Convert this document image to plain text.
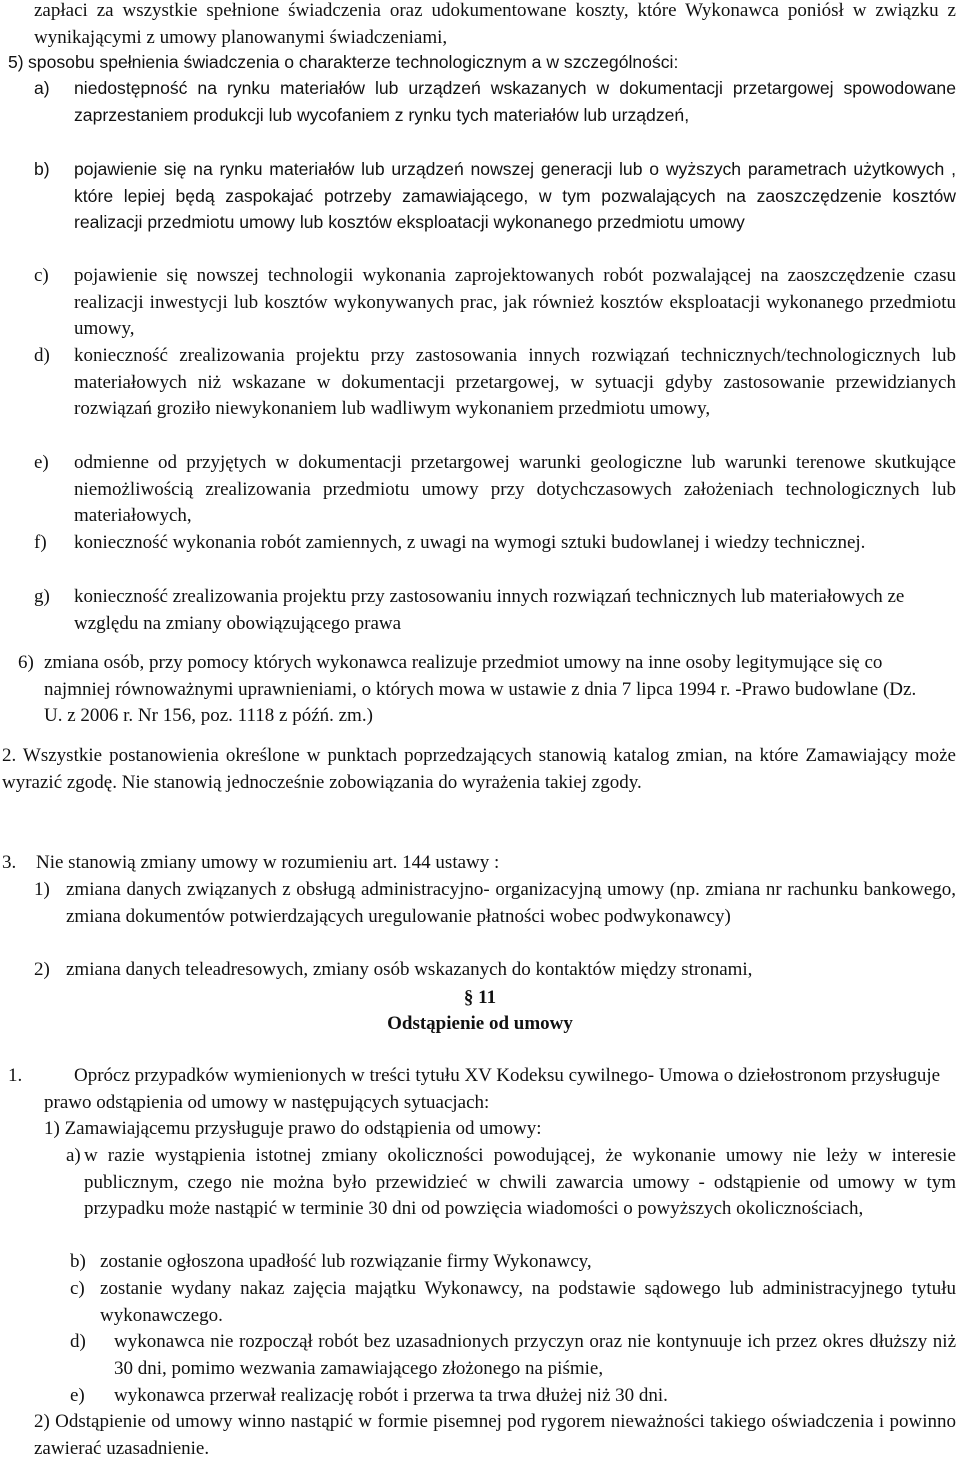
zapłaci za wszystkie spełnione świadczenia oraz udokumentowane koszty, które Wykonawca poniósł w związku z wynikającymi z umowy planowanymi świadczeniami,

5) sposobu spełnienia świadczenia o charakterze technologicznym a w szczególności:
a)	niedostępność na rynku materiałów lub urządzeń wskazanych w dokumentacji przetargowej spowodowane zaprzestaniem produkcji lub wycofaniem z rynku tych materiałów lub urządzeń,
b)	pojawienie się na rynku materiałów lub urządzeń nowszej generacji lub o wyższych parametrach użytkowych , które lepiej będą zaspokajać potrzeby zamawiającego, w tym pozwalających na zaoszczędzenie kosztów realizacji przedmiotu umowy lub kosztów eksploatacji wykonanego przedmiotu umowy
c)	pojawienie się nowszej technologii wykonania zaprojektowanych robót pozwalającej na zaoszczędzenie czasu realizacji inwestycji lub kosztów wykonywanych prac, jak również kosztów eksploatacji wykonanego przedmiotu umowy,
d)	konieczność zrealizowania projektu przy zastosowania innych rozwiązań technicznych/technologicznych lub materiałowych niż wskazane w dokumentacji przetargowej, w sytuacji gdyby zastosowanie przewidzianych rozwiązań groziło niewykonaniem lub wadliwym wykonaniem przedmiotu umowy,
e)	odmienne od przyjętych w dokumentacji przetargowej warunki geologiczne lub warunki terenowe skutkujące niemożliwością zrealizowania przedmiotu umowy przy dotychczasowych założeniach technologicznych lub materiałowych,
f)	konieczność wykonania robót zamiennych, z uwagi na wymogi sztuki budowlanej i wiedzy technicznej.
g)	konieczność zrealizowania projektu przy zastosowaniu innych rozwiązań technicznych lub materiałowych ze względu na zmiany obowiązującego prawa
6) zmiana osób, przy pomocy których wykonawca realizuje przedmiot umowy na inne osoby legitymujące się co najmniej równoważnymi uprawnieniami, o których mowa w ustawie z dnia 7 lipca 1994 r. -Prawo budowlane (Dz. U. z 2006 r. Nr 156, poz. 1118 z późń. zm.)

2. Wszystkie postanowienia określone w punktach poprzedzających stanowią katalog zmian, na które Zamawiający może wyrazić zgodę. Nie stanowią jednocześnie zobowiązania do wyrażenia takiej zgody.

3.	Nie stanowią zmiany umowy w rozumieniu art. 144 ustawy :
1) zmiana danych związanych z obsługą administracyjno- organizacyjną umowy (np. zmiana nr rachunku bankowego, zmiana dokumentów potwierdzających uregulowanie płatności wobec podwykonawcy)
2) zmiana danych teleadresowych, zmiany osób wskazanych do kontaktów między stronami,
§ 11
Odstąpienie od umowy
1.	Oprócz przypadków wymienionych w treści tytułu XV Kodeksu cywilnego- Umowa o dziełostronom przysługuje prawo odstąpienia od umowy w następujących sytuacjach:
1) Zamawiającemu przysługuje prawo do odstąpienia od umowy:
a) w razie wystąpienia istotnej zmiany okoliczności powodującej, że wykonanie umowy nie leży w interesie publicznym, czego nie można było przewidzieć w chwili zawarcia umowy - odstąpienie od umowy w tym przypadku może nastąpić w terminie 30 dni od powzięcia wiadomości o powyższych okolicznościach,
b) zostanie ogłoszona upadłość lub rozwiązanie firmy Wykonawcy,
c) zostanie wydany nakaz zajęcia majątku Wykonawcy, na podstawie sądowego lub administracyjnego tytułu wykonawczego.
d)	wykonawca nie rozpoczął robót bez uzasadnionych przyczyn oraz nie kontynuuje ich przez okres dłuższy niż 30 dni, pomimo wezwania zamawiającego złożonego na piśmie,
e)	wykonawca przerwał realizację robót i przerwa ta trwa dłużej niż 30 dni.
2) Odstąpienie od umowy winno nastąpić w formie pisemnej pod rygorem nieważności takiego oświadczenia i powinno zawierać uzasadnienie.
